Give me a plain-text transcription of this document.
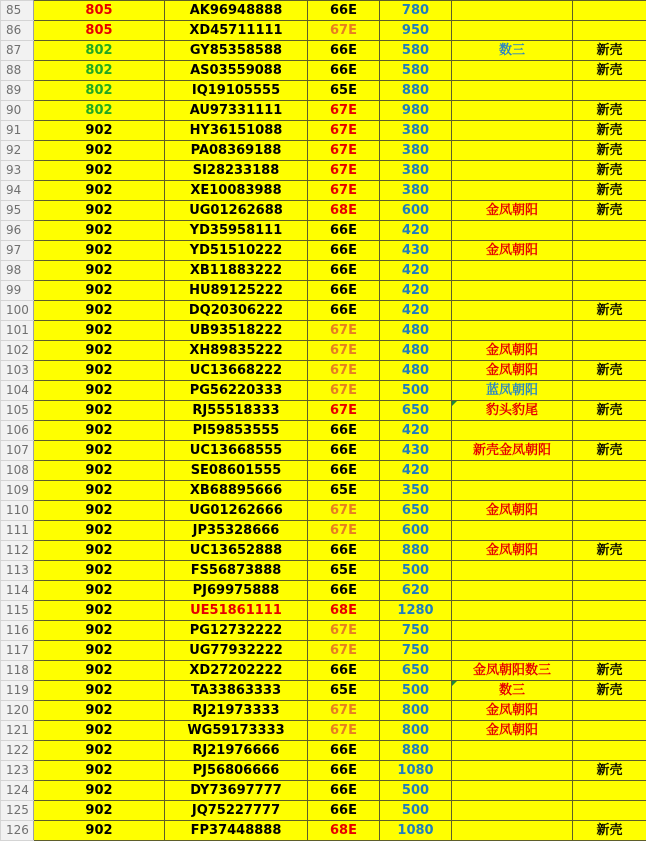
85	805	AK96948888	66E	780		
86	805	XD45711111	67E	950		
87	802	GY85358588	66E	580	数三	新壳
88	802	AS03559088	66E	580		新壳
89	802	IQ19105555	65E	880		
90	802	AU97331111	67E	980		新壳
91	902	HY36151088	67E	380		新壳
92	902	PA08369188	67E	380		新壳
93	902	SI28233188	67E	380		新壳
94	902	XE10083988	67E	380		新壳
95	902	UG01262688	68E	600	金凤朝阳	新壳
96	902	YD35958111	66E	420		
97	902	YD51510222	66E	430	金凤朝阳	
98	902	XB11883222	66E	420		
99	902	HU89125222	66E	420		
100	902	DQ20306222	66E	420		新壳
101	902	UB93518222	67E	480		
102	902	XH89835222	67E	480	金凤朝阳	
103	902	UC13668222	67E	480	金凤朝阳	新壳
104	902	PG56220333	67E	500	蓝凤朝阳	
105	902	RJ55518333	67E	650	豹头豹尾	新壳
106	902	PI59853555	66E	420		
107	902	UC13668555	66E	430	新壳金凤朝阳	新壳
108	902	SE08601555	66E	420		
109	902	XB68895666	65E	350		
110	902	UG01262666	67E	650	金凤朝阳	
111	902	JP35328666	67E	600		
112	902	UC13652888	66E	880	金凤朝阳	新壳
113	902	FS56873888	65E	500		
114	902	PJ69975888	66E	620		
115	902	UE51861111	68E	1280		
116	902	PG12732222	67E	750		
117	902	UG77932222	67E	750		
118	902	XD27202222	66E	650	金凤朝阳数三	新壳
119	902	TA33863333	65E	500	数三	新壳
120	902	RJ21973333	67E	800	金凤朝阳	
121	902	WG59173333	67E	800	金凤朝阳	
122	902	RJ21976666	66E	880		
123	902	PJ56806666	66E	1080		新壳
124	902	DY73697777	66E	500		
125	902	JQ75227777	66E	500		
126	902	FP37448888	68E	1080		新壳
